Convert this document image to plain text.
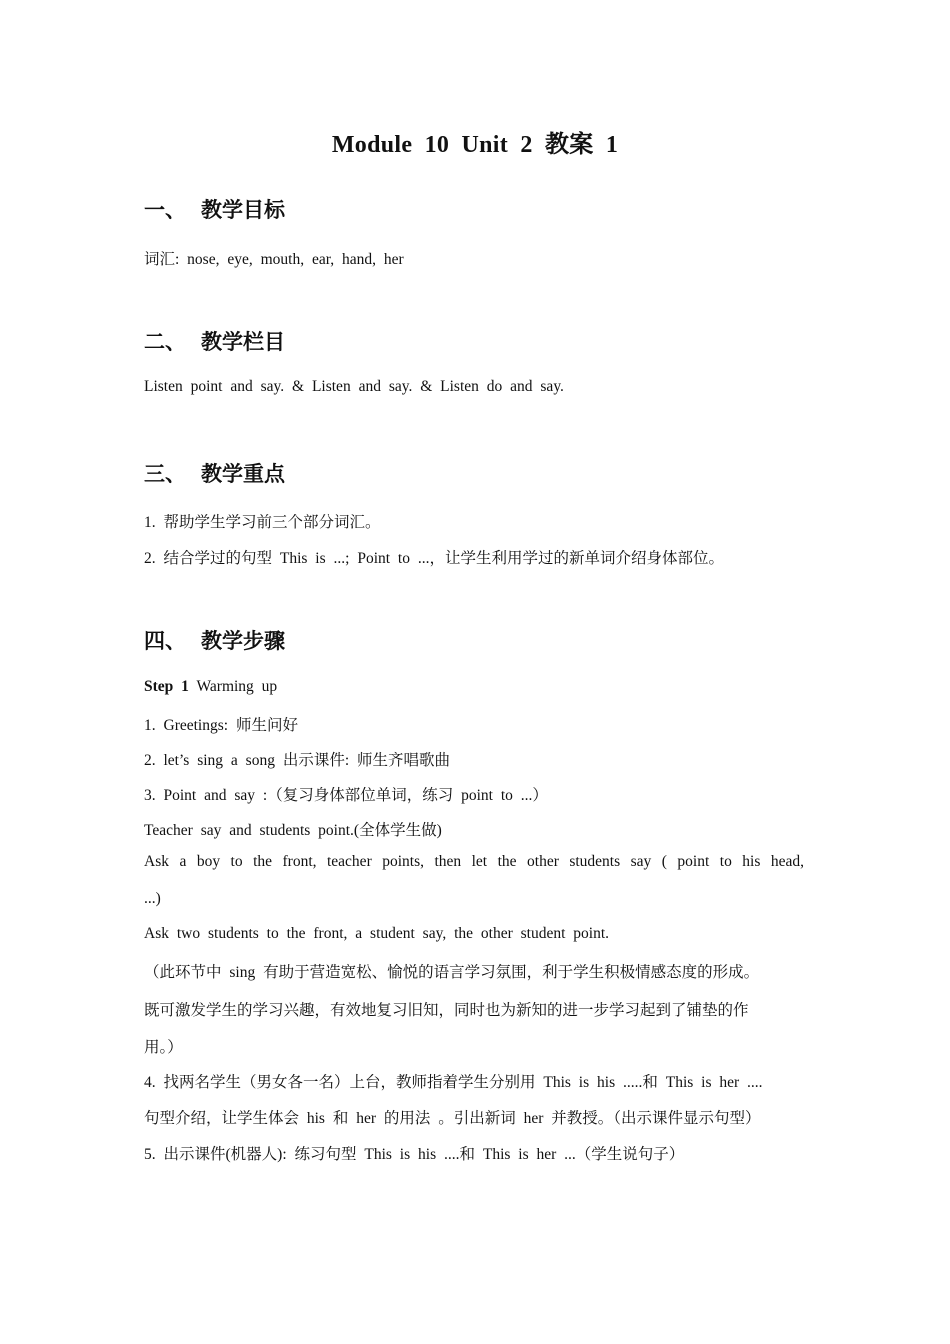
Module 10 Unit 2 教案 1
一、 教学目标
词汇: nose, eye, mouth, ear, hand, her
二、 教学栏目
Listen point and say. & Listen and say. & Listen do and say.
三、 教学重点
1. 帮助学生学习前三个部分词汇。
2. 结合学过的句型 This is ...; Point to ...，让学生利用学过的新单词介绍身体部位。
四、 教学步骤
Step 1 Warming up
1. Greetings: 师生问好
2. let’s sing a song 出示课件: 师生齐唱歌曲
3. Point and say :（复习身体部位单词，练习 point to ...）
Teacher say and students point.(全体学生做)
Ask a boy to the front, teacher points, then let the other students say ( point to his head,
...)
Ask two students to the front, a student say, the other student point.
（此环节中 sing 有助于营造宽松、愉悦的语言学习氛围，利于学生积极情感态度的形成。
既可激发学生的学习兴趣，有效地复习旧知，同时也为新知的进一步学习起到了铺垫的作
用。）
4. 找两名学生（男女各一名）上台，教师指着学生分别用 This is his .....和 This is her ....
句型介绍，让学生体会 his 和 her 的用法 。引出新词 her 并教授。（出示课件显示句型）
5. 出示课件(机器人): 练习句型 This is his ....和 This is her ...（学生说句子）
